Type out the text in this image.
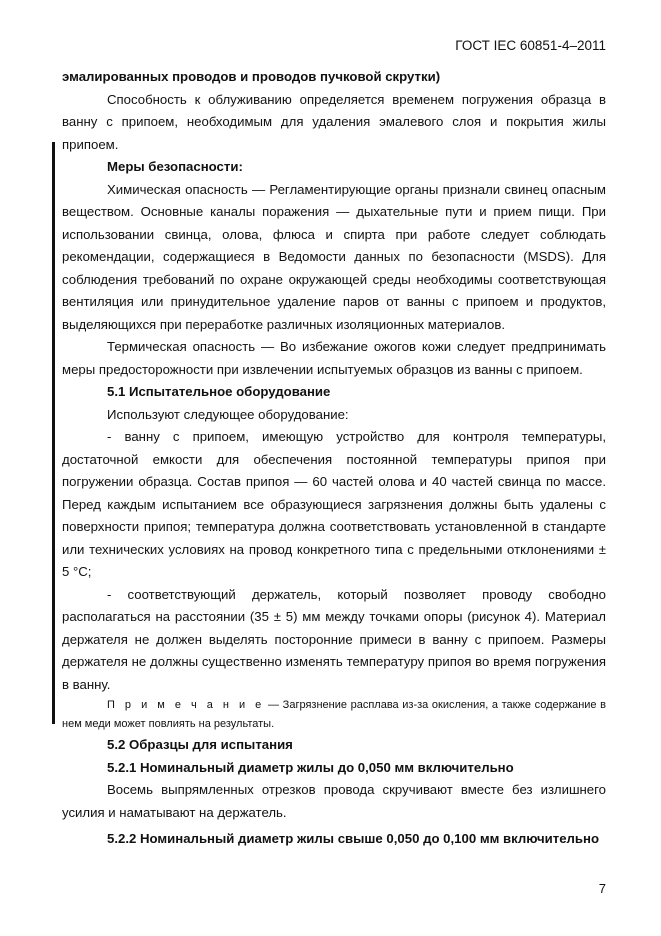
ГОСТ IEC 60851-4–2011

эмалированных проводов и проводов пучковой скрутки)

Способность к облуживанию определяется временем погружения образца в ванну с припоем, необходимым для удаления эмалевого слоя и покрытия жилы припоем.

Меры безопасности:

Химическая опасность — Регламентирующие органы признали свинец опасным веществом. Основные каналы поражения — дыхательные пути и прием пищи. При использовании свинца, олова, флюса и спирта при работе следует соблюдать рекомендации, содержащиеся в Ведомости данных по безопасности (MSDS). Для соблюдения требований по охране окружающей среды необходимы соответствующая вентиляция или принудительное удаление паров от ванны с припоем и продуктов, выделяющихся при переработке различных изоляционных материалов.

Термическая опасность — Во избежание ожогов кожи следует предпринимать меры предосторожности при извлечении испытуемых образцов из ванны с припоем.

5.1 Испытательное оборудование

Используют следующее оборудование:

- ванну с припоем, имеющую устройство для контроля температуры, достаточной емкости для обеспечения постоянной температуры припоя при погружении образца. Состав припоя — 60 частей олова и 40 частей свинца по массе. Перед каждым испытанием все образующиеся загрязнения должны быть удалены с поверхности припоя; температура должна соответствовать установленной в стандарте или технических условиях на провод конкретного типа с предельными отклонениями ± 5 °С;

- соответствующий держатель, который позволяет проводу свободно располагаться на расстоянии (35 ± 5) мм между точками опоры (рисунок 4). Материал держателя не должен выделять посторонние примеси в ванну с припоем. Размеры держателя не должны существенно изменять температуру припоя во время погружения в ванну.

П р и м е ч а н и е — Загрязнение расплава из-за окисления, а также содержание в нем меди может повлиять на результаты.

5.2 Образцы для испытания

5.2.1 Номинальный диаметр жилы до 0,050 мм включительно

Восемь выпрямленных отрезков провода скручивают вместе без излишнего усилия и наматывают на держатель.

5.2.2 Номинальный диаметр жилы свыше 0,050 до 0,100 мм включительно

7
